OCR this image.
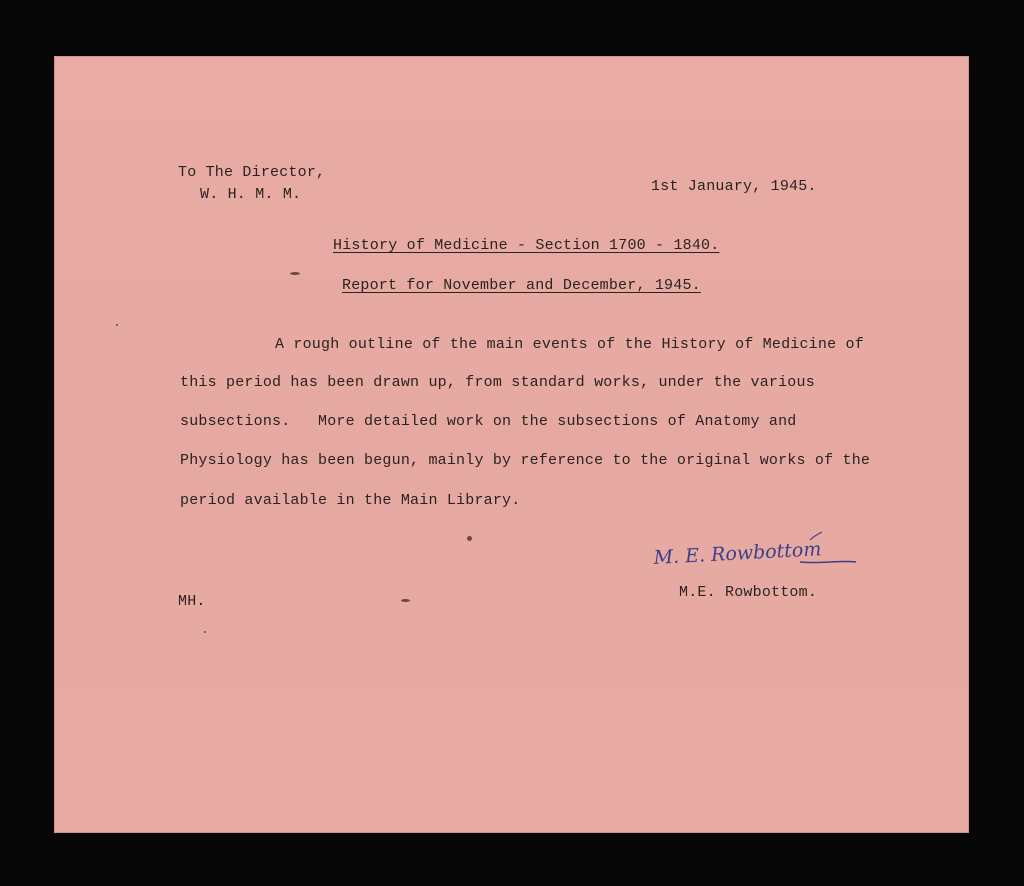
To The Director,
W. H. M. M.	1st January, 1945.
History of Medicine - Section 1700 - 1840.
Report for November and December, 1945.
A rough outline of the main events of the History of Medicine of
this period has been drawn up, from standard works, under the various
subsections.   More detailed work on the subsections of Anatomy and
Physiology has been begun, mainly by reference to the original works of the
period available in the Main Library.
M. E. Rowbottom
MH.
M.E. Rowbottom.
